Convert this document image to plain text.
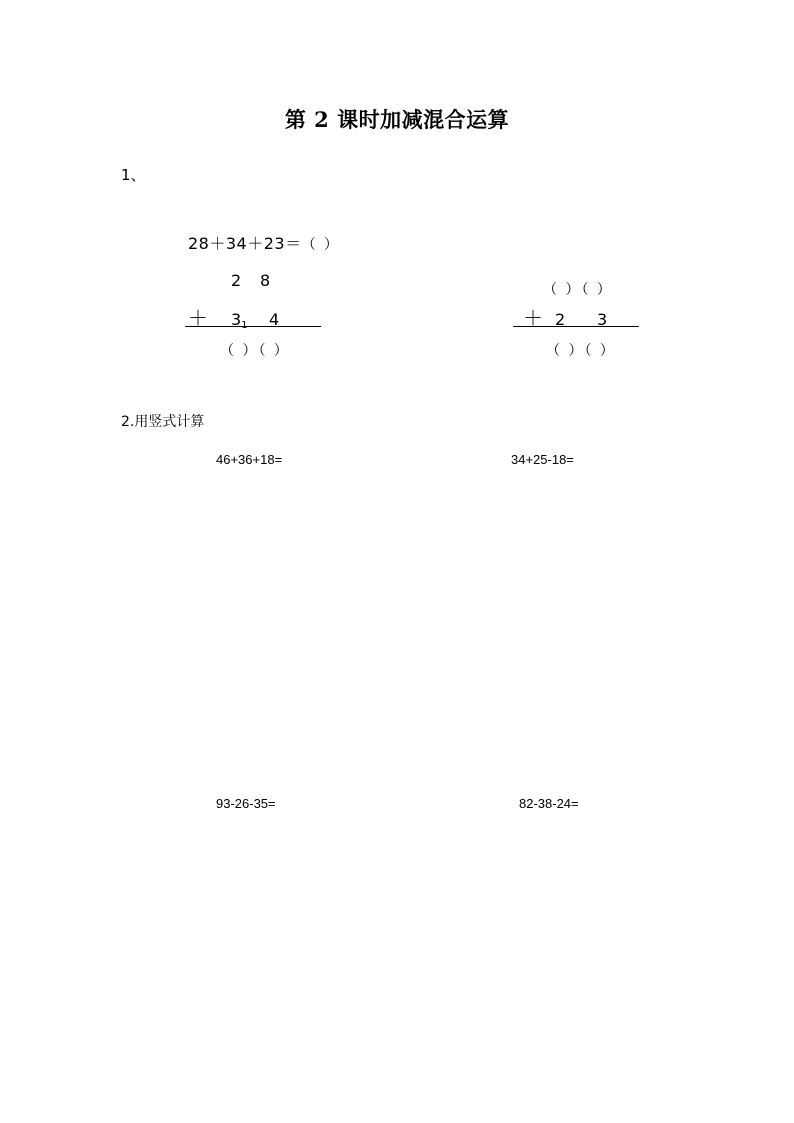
第 2 课时加减混合运算
1、
28＋34＋23＝（ ）
2 8
＋ $3_1$ 4
（ ）（ ）
（ ）（ ）
＋ 2 3
（ ）（ ）
2.用竖式计算
46+36+18=	34+25-18=
93-26-35=	82-38-24=
